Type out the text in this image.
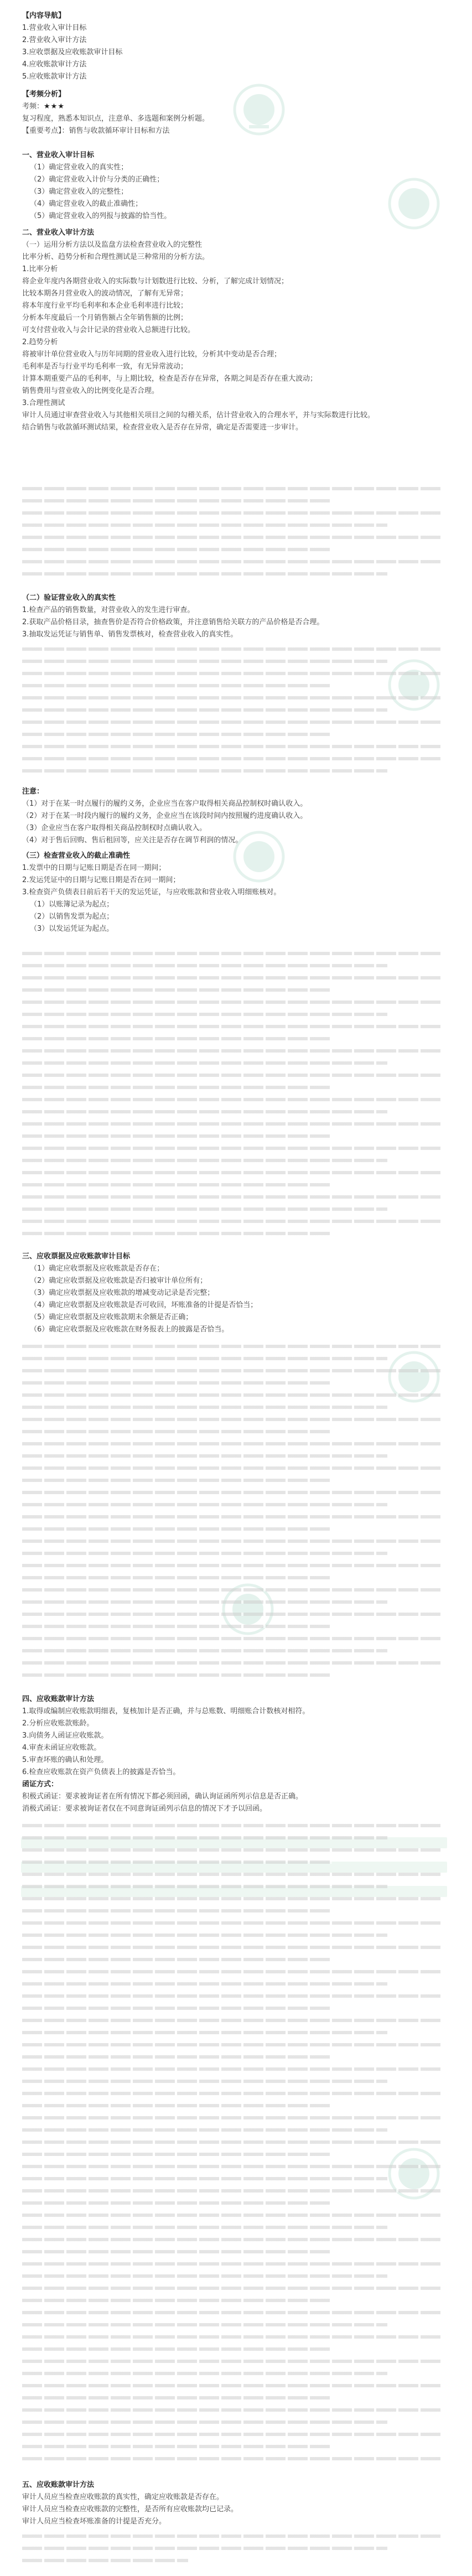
【内容导航】
1.营业收入审计目标
2.营业收入审计方法
3.应收票据及应收账款审计目标
4.应收账款审计方法
5.应收账款审计方法

【考频分析】

考频：★★★

复习程度，熟悉本知识点，注意单、多选题和案例分析题。

【重要考点】：销售与收款循环审计目标和方法

一、营业收入审计目标

（1）确定营业收入的真实性；

（2）确定营业收入计价与分类的正确性；

（3）确定营业收入的完整性；

（4）确定营业收入的截止准确性；

（5）确定营业收入的列报与披露的恰当性。

二、营业收入审计方法

（一）运用分析方法以及监盘方法检查营业收入的完整性

比率分析、趋势分析和合理性测试是三种常用的分析方法。

1.比率分析

将企业年度内各期营业收入的实际数与计划数进行比较、分析，了解完成计划情况；

比较本期各月营业收入的波动情况，了解有无异常；

将本年度行业平均毛利率和本企业毛利率进行比较；

分析本年度最后一个月销售额占全年销售额的比例；

可支付营业收入与会计记录的营业收入总额进行比较。

2.趋势分析

将被审计单位营业收入与历年同期的营业收入进行比较，分析其中变动是否合理；

毛利率是否与行业平均毛利率一致，有无异常波动；

计算本期重要产品的毛利率，与上期比较，检查是否存在异常，各期之间是否存在重大波动；

销售费用与营业收入的比例变化是否合理。

3.合理性测试

审计人员通过审查营业收入与其他相关项目之间的勾稽关系，估计营业收入的合理水平，并与实际数进行比较。

结合销售与收款循环测试结果，检查营业收入是否存在异常，确定是否需要进一步审计。

（二）验证营业收入的真实性

1.检查产品的销售数量，对营业收入的发生进行审查。

2.获取产品价格目录，抽查售价是否符合价格政策，并注意销售给关联方的产品价格是否合理。

3.抽取发运凭证与销售单、销售发票核对，检查营业收入的真实性。

注意：

（1）对于在某一时点履行的履约义务，企业应当在客户取得相关商品控制权时确认收入。

（2）对于在某一时段内履行的履约义务，企业应当在该段时间内按照履约进度确认收入。

（3）企业应当在客户取得相关商品控制权时点确认收入。

（4）对于售后回购、售后租回等，应关注是否存在调节利润的情况。

（三）检查营业收入的截止准确性

1.发票中的日期与记账日期是否在同一期间；

2.发运凭证中的日期与记账日期是否在同一期间；

3.检查资产负债表日前后若干天的发运凭证，与应收账款和营业收入明细账核对。

（1）以账簿记录为起点；

（2）以销售发票为起点；

（3）以发运凭证为起点。

三、应收票据及应收账款审计目标

（1）确定应收票据及应收账款是否存在；

（2）确定应收票据及应收账款是否归被审计单位所有；

（3）确定应收票据及应收账款的增减变动记录是否完整；

（4）确定应收票据及应收账款是否可收回，坏账准备的计提是否恰当；

（5）确定应收票据及应收账款期末余额是否正确；

（6）确定应收票据及应收账款在财务报表上的披露是否恰当。

四、应收账款审计方法

1.取得或编制应收账款明细表，复核加计是否正确，并与总账数、明细账合计数核对相符。

2.分析应收账款账龄。

3.向债务人函证应收账款。

4.审查未函证应收账款。

5.审查坏账的确认和处理。

6.检查应收账款在资产负债表上的披露是否恰当。

函证方式：

积极式函证：要求被询证者在所有情况下都必须回函，确认询证函所列示信息是否正确。

消极式函证：要求被询证者仅在不同意询证函列示信息的情况下才予以回函。

五、应收账款审计方法

审计人员应当检查应收账款的真实性，确定应收账款是否存在。

审计人员应当检查应收账款的完整性，是否所有应收账款均已记录。

审计人员应当检查坏账准备的计提是否充分。
